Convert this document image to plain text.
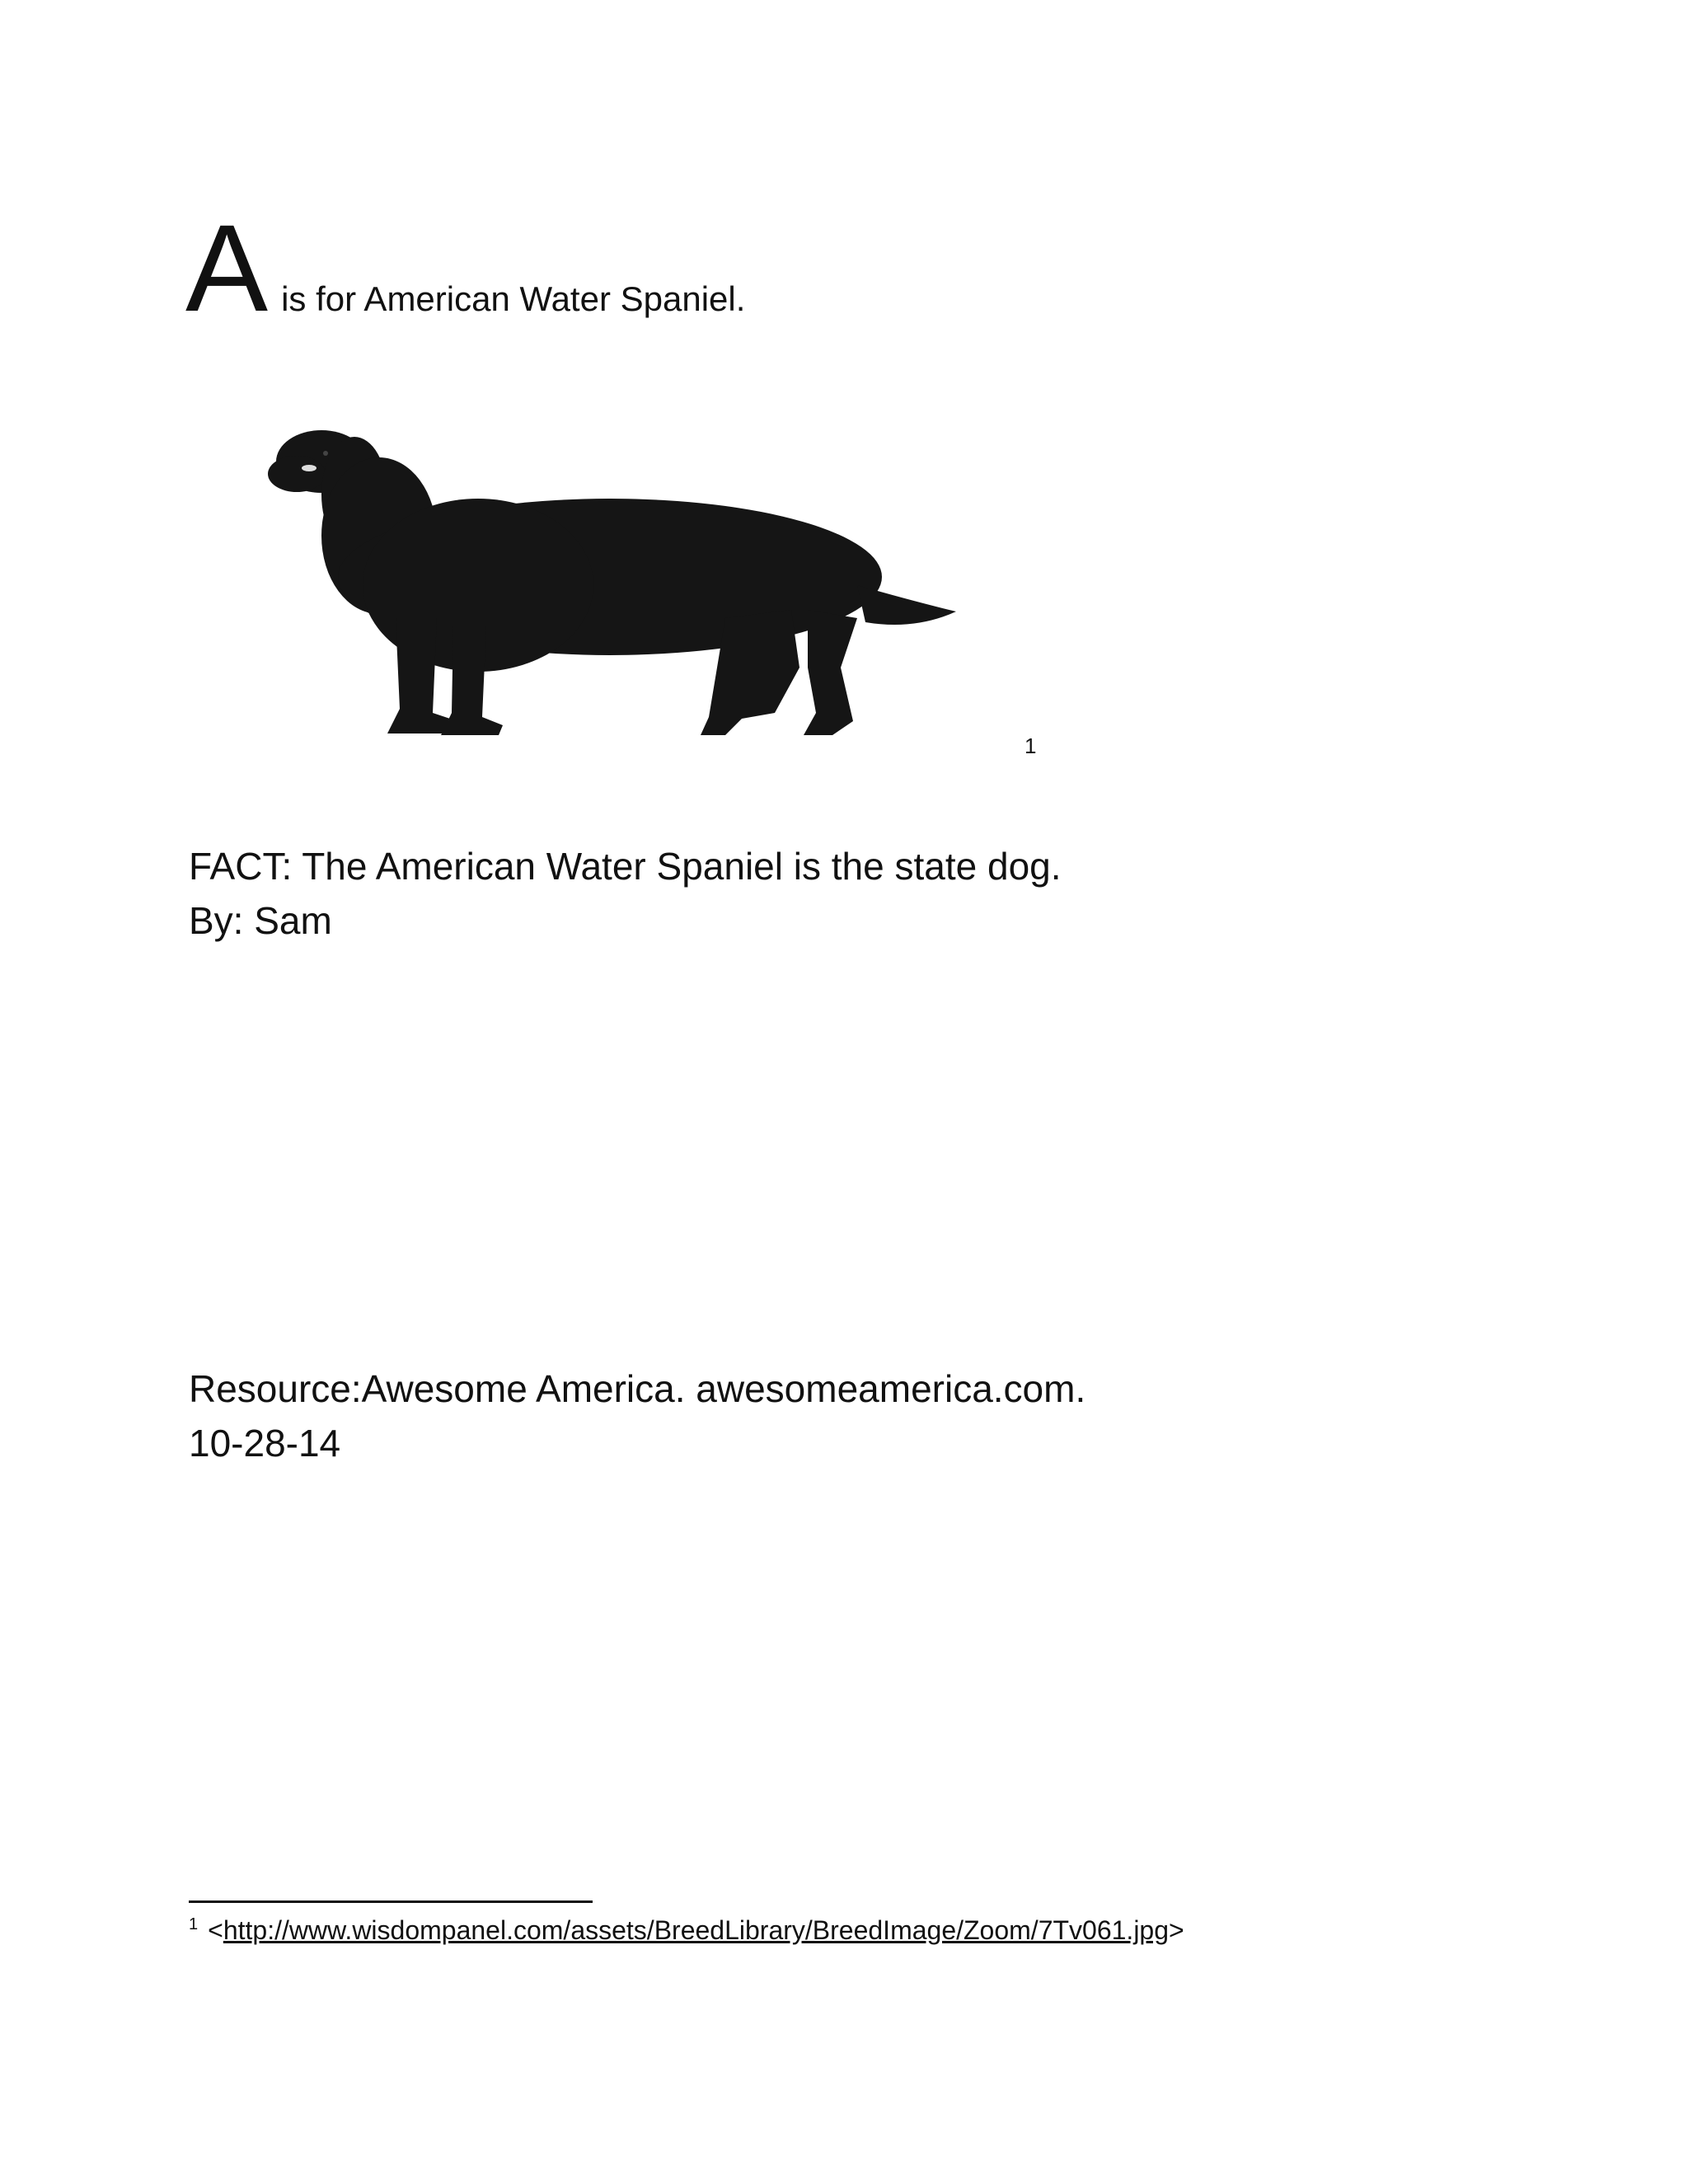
Ais for American Water Spaniel.
1
FACT: The American Water Spaniel is the state dog.
By: Sam
Resource:Awesome America. awesomeamerica.com.
10-28-14
$^1$ <http://www.wisdompanel.com/assets/BreedLibrary/BreedImage/Zoom/7Tv061.jpg>
